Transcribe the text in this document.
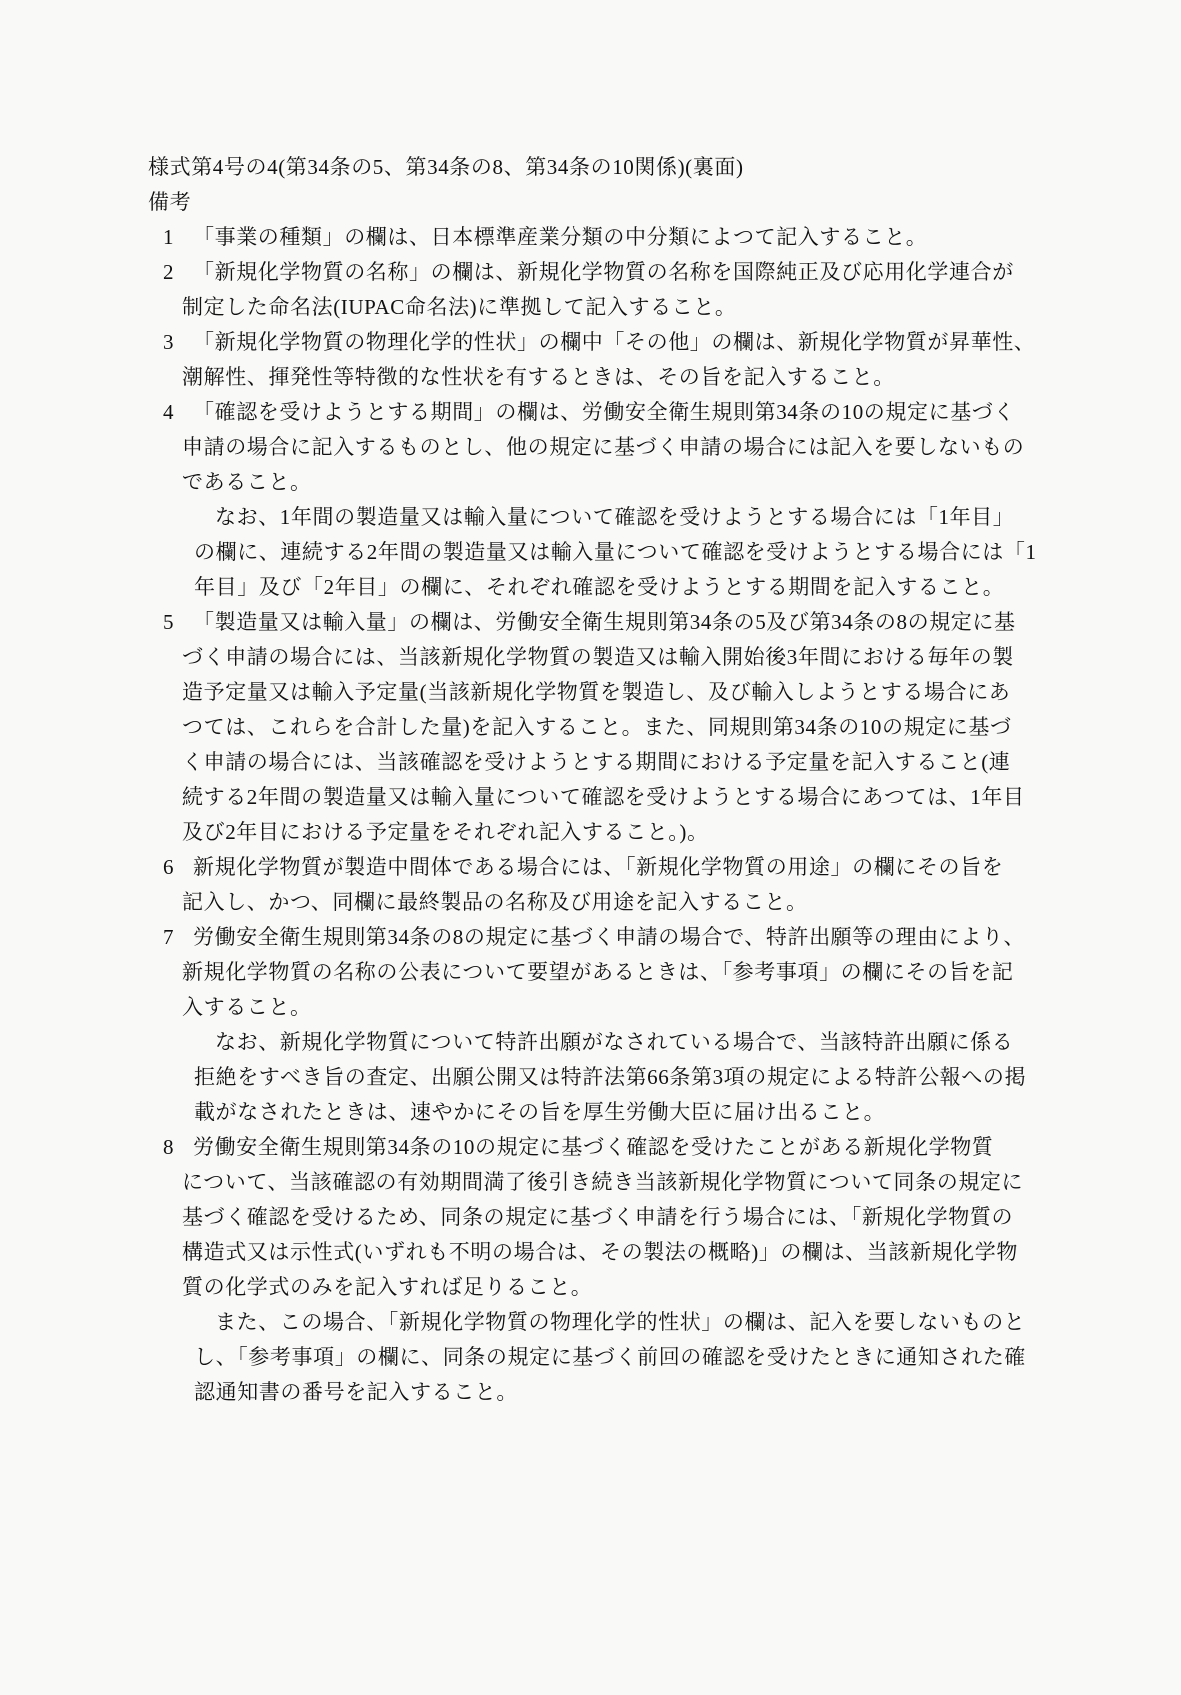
様式第4号の4(第34条の5、第34条の8、第34条の10関係)(裏面)
備考
1 「事業の種類」の欄は、日本標準産業分類の中分類によつて記入すること。
2 「新規化学物質の名称」の欄は、新規化学物質の名称を国際純正及び応用化学連合が
制定した命名法(IUPAC命名法)に準拠して記入すること。
3 「新規化学物質の物理化学的性状」の欄中「その他」の欄は、新規化学物質が昇華性、
潮解性、揮発性等特徴的な性状を有するときは、その旨を記入すること。
4 「確認を受けようとする期間」の欄は、労働安全衛生規則第34条の10の規定に基づく
申請の場合に記入するものとし、他の規定に基づく申請の場合には記入を要しないもの
であること。
なお、1年間の製造量又は輸入量について確認を受けようとする場合には「1年目」
の欄に、連続する2年間の製造量又は輸入量について確認を受けようとする場合には「1
年目」及び「2年目」の欄に、それぞれ確認を受けようとする期間を記入すること。
5 「製造量又は輸入量」の欄は、労働安全衛生規則第34条の5及び第34条の8の規定に基
づく申請の場合には、当該新規化学物質の製造又は輸入開始後3年間における毎年の製
造予定量又は輸入予定量(当該新規化学物質を製造し、及び輸入しようとする場合にあ
つては、これらを合計した量)を記入すること。また、同規則第34条の10の規定に基づ
く申請の場合には、当該確認を受けようとする期間における予定量を記入すること(連
続する2年間の製造量又は輸入量について確認を受けようとする場合にあつては、1年目
及び2年目における予定量をそれぞれ記入すること。)。
6 新規化学物質が製造中間体である場合には、「新規化学物質の用途」の欄にその旨を
記入し、かつ、同欄に最終製品の名称及び用途を記入すること。
7 労働安全衛生規則第34条の8の規定に基づく申請の場合で、特許出願等の理由により、
新規化学物質の名称の公表について要望があるときは、「参考事項」の欄にその旨を記
入すること。
なお、新規化学物質について特許出願がなされている場合で、当該特許出願に係る
拒絶をすべき旨の査定、出願公開又は特許法第66条第3項の規定による特許公報への掲
載がなされたときは、速やかにその旨を厚生労働大臣に届け出ること。
8 労働安全衛生規則第34条の10の規定に基づく確認を受けたことがある新規化学物質
について、当該確認の有効期間満了後引き続き当該新規化学物質について同条の規定に
基づく確認を受けるため、同条の規定に基づく申請を行う場合には、「新規化学物質の
構造式又は示性式(いずれも不明の場合は、その製法の概略)」の欄は、当該新規化学物
質の化学式のみを記入すれば足りること。
また、この場合、「新規化学物質の物理化学的性状」の欄は、記入を要しないものと
し、「参考事項」の欄に、同条の規定に基づく前回の確認を受けたときに通知された確
認通知書の番号を記入すること。
